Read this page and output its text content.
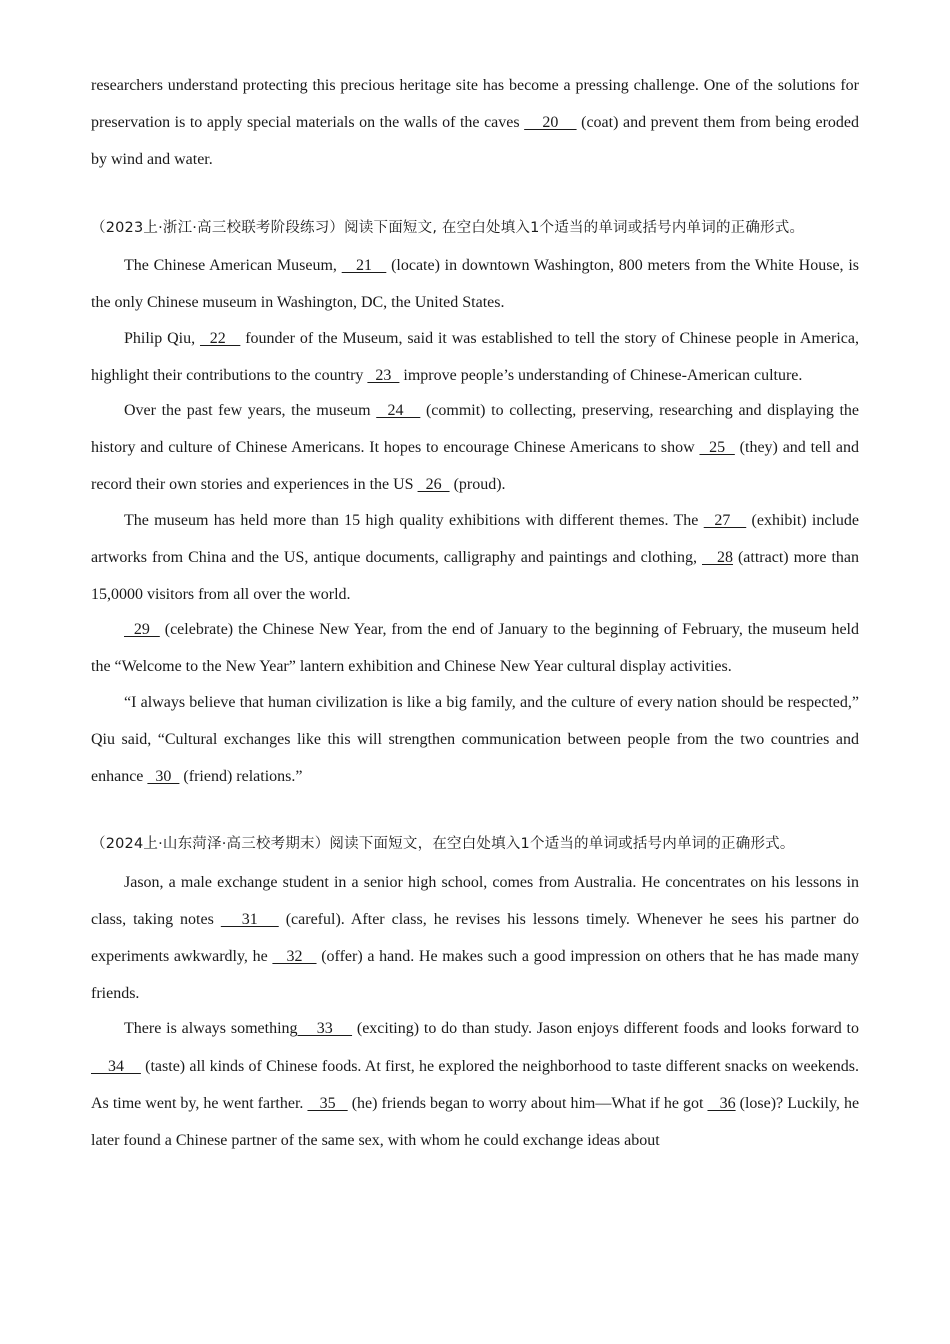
researchers understand protecting this precious heritage site has become a pressing challenge. One of the solutions for preservation is to apply special materials on the walls of the caves     20     (coat) and prevent them from being eroded by wind and water.

（2023上·浙江·高三校联考阶段练习）阅读下面短文, 在空白处填入1个适当的单词或括号内单词的正确形式。

The Chinese American Museum,    21    (locate) in downtown Washington, 800 meters from the White House, is the only Chinese museum in Washington, DC, the United States.

Philip Qiu,   22    founder of the Museum, said it was established to tell the story of Chinese people in America, highlight their contributions to the country   23   improve people’s understanding of Chinese-American culture.

Over the past few years, the museum   24    (commit) to collecting, preserving, researching and displaying the history and culture of Chinese Americans. It hopes to encourage Chinese Americans to show   25   (they) and tell and record their own stories and experiences in the US   26   (proud).

The museum has held more than 15 high quality exhibitions with different themes. The   27    (exhibit) include artworks from China and the US, antique documents, calligraphy and paintings and clothing,    28 (attract) more than 15,0000 visitors from all over the world.

29   (celebrate) the Chinese New Year, from the end of January to the beginning of February, the museum held the “Welcome to the New Year” lantern exhibition and Chinese New Year cultural display activities.

“I always believe that human civilization is like a big family, and the culture of every nation should be respected,” Qiu said, “Cultural exchanges like this will strengthen communication between people from the two countries and enhance   30   (friend) relations.”

（2024上·山东菏泽·高三校考期末）阅读下面短文，在空白处填入1个适当的单词或括号内单词的正确形式。

Jason, a male exchange student in a senior high school, comes from Australia. He concentrates on his lessons in class, taking notes    31    (careful). After class, he revises his lessons timely. Whenever he sees his partner do experiments awkwardly, he    32    (offer) a hand. He makes such a good impression on others that he has made many friends.

There is always something    33     (exciting) to do than study. Jason enjoys different foods and looks forward to    34     (taste) all kinds of Chinese foods. At first, he explored the neighborhood to taste different snacks on weekends. As time went by, he went farther.    35    (he) friends began to worry about him—What if he got    36 (lose)? Luckily, he later found a Chinese partner of the same sex, with whom he could exchange ideas about
